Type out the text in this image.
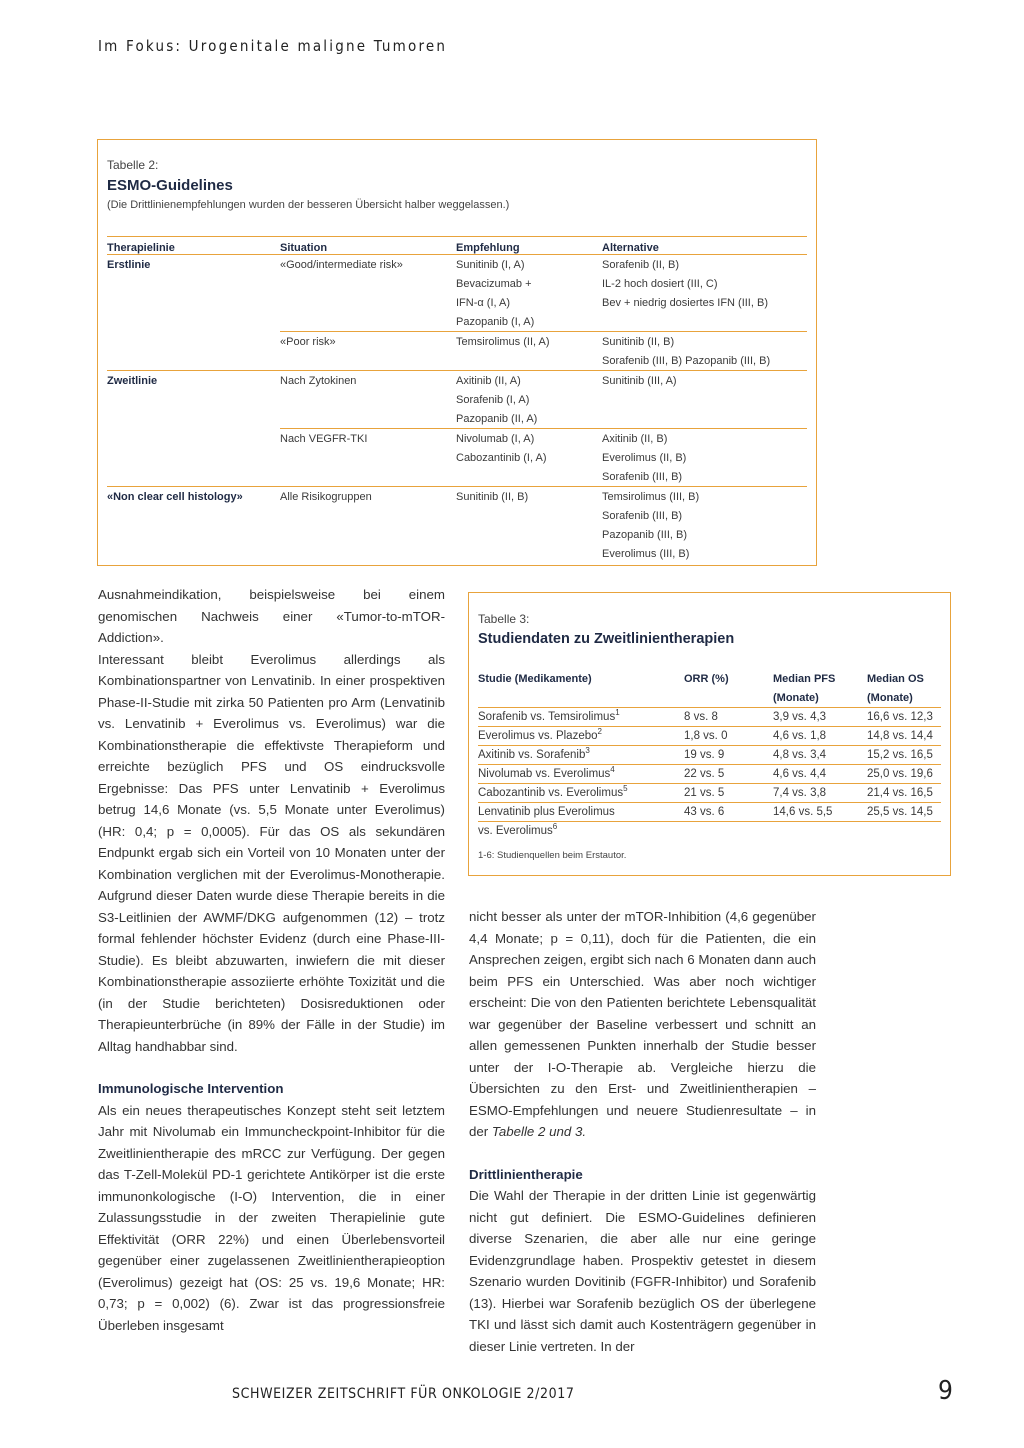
Im Fokus: Urogenitale maligne Tumoren
Tabelle 2:
ESMO-Guidelines
(Die Drittlinienempfehlungen wurden der besseren Übersicht halber weggelassen.)
Therapielinie	Situation	Empfehlung	Alternative
Erstlinie	«Good/intermediate risk»	Sunitinib (I, A)	Sorafenib (II, B)
		Bevacizumab +	IL-2 hoch dosiert (III, C)
		IFN-α (I, A)	Bev + niedrig dosiertes IFN (III, B)
		Pazopanib (I, A)	
	«Poor risk»	Temsirolimus (II, A)	Sunitinib (II, B)
			Sorafenib (III, B) Pazopanib (III, B)
Zweitlinie	Nach Zytokinen	Axitinib (II, A)	Sunitinib (III, A)
		Sorafenib (I, A)	
		Pazopanib (II, A)	
	Nach VEGFR-TKI	Nivolumab (I, A)	Axitinib (II, B)
		Cabozantinib (I, A)	Everolimus (II, B)
			Sorafenib (III, B)
«Non clear cell histology»	Alle Risikogruppen	Sunitinib (II, B)	Temsirolimus (III, B)
			Sorafenib (III, B)
			Pazopanib (III, B)
			Everolimus (III, B)
Tabelle 3:
Studiendaten zu Zweitlinientherapien
Studie (Medikamente)	ORR (%)	Median PFS	Median OS
		(Monate)	(Monate)
Sorafenib vs. Temsirolimus$^1$	8 vs. 8	3,9 vs. 4,3	16,6 vs. 12,3
Everolimus vs. Plazebo$^2$	1,8 vs. 0	4,6 vs. 1,8	14,8 vs. 14,4
Axitinib vs. Sorafenib$^3$	19 vs. 9	4,8 vs. 3,4	15,2 vs. 16,5
Nivolumab vs. Everolimus$^4$	22 vs. 5	4,6 vs. 4,4	25,0 vs. 19,6
Cabozantinib vs. Everolimus$^5$	21 vs. 5	7,4 vs. 3,8	21,4 vs. 16,5
Lenvatinib plus Everolimus	43 vs. 6	14,6 vs. 5,5	25,5 vs. 14,5
vs. Everolimus$^6$			
1-6: Studienquellen beim Erstautor.

Ausnahmeindikation, beispielsweise bei einem genomischen Nachweis einer «Tumor-to-mTOR-Addiction».

Interessant bleibt Everolimus allerdings als Kombinationspartner von Lenvatinib. In einer prospektiven Phase-II-Studie mit zirka 50 Patienten pro Arm (Lenvatinib vs. Lenvatinib + Everolimus vs. Everolimus) war die Kombinationstherapie die effektivste Therapieform und erreichte bezüglich PFS und OS eindrucksvolle Ergebnisse: Das PFS unter Lenvatinib + Everolimus betrug 14,6 Monate (vs. 5,5 Monate unter Everolimus) (HR: 0,4; p = 0,0005). Für das OS als sekundären Endpunkt ergab sich ein Vorteil von 10 Monaten unter der Kombination verglichen mit der Everolimus-Monotherapie. Aufgrund dieser Daten wurde diese Therapie bereits in die S3-Leitlinien der AWMF/DKG aufgenommen (12) – trotz formal fehlender höchster Evidenz (durch eine Phase-III-Studie). Es bleibt abzuwarten, inwiefern die mit dieser Kombinationstherapie assoziierte erhöhte Toxizität und die (in der Studie berichteten) Dosisreduktionen oder Therapieunterbrüche (in 89% der Fälle in der Studie) im Alltag handhabbar sind.

Immunologische Intervention

Als ein neues therapeutisches Konzept steht seit letztem Jahr mit Nivolumab ein Immuncheckpoint-Inhibitor für die Zweitlinientherapie des mRCC zur Verfügung. Der gegen das T-Zell-Molekül PD-1 gerichtete Antikörper ist die erste immunonkologische (I-O) Intervention, die in einer Zulassungsstudie in der zweiten Therapielinie gute Effektivität (ORR 22%) und einen Überlebensvorteil gegenüber einer zugelassenen Zweitlinientherapieoption (Everolimus) gezeigt hat (OS: 25 vs. 19,6 Monate; HR: 0,73; p = 0,002) (6). Zwar ist das progressionsfreie Überleben insgesamt

nicht besser als unter der mTOR-Inhibition (4,6 gegenüber 4,4 Monate; p = 0,11), doch für die Patienten, die ein Ansprechen zeigen, ergibt sich nach 6 Monaten dann auch beim PFS ein Unterschied. Was aber noch wichtiger erscheint: Die von den Patienten berichtete Lebensqualität war gegenüber der Baseline verbessert und schnitt an allen gemessenen Punkten innerhalb der Studie besser unter der I-O-Therapie ab. Vergleiche hierzu die Übersichten zu den Erst- und Zweitlinientherapien – ESMO-Empfehlungen und neuere Studienresultate – in der Tabelle 2 und 3.

Drittlinientherapie

Die Wahl der Therapie in der dritten Linie ist gegenwärtig nicht gut definiert. Die ESMO-Guidelines definieren diverse Szenarien, die aber alle nur eine geringe Evidenzgrundlage haben. Prospektiv getestet in diesem Szenario wurden Dovitinib (FGFR-Inhibitor) und Sorafenib (13). Hierbei war Sorafenib bezüglich OS der überlegene TKI und lässt sich damit auch Kostenträgern gegenüber in dieser Linie vertreten. In der

SCHWEIZER ZEITSCHRIFT FÜR ONKOLOGIE 2/2017	9
